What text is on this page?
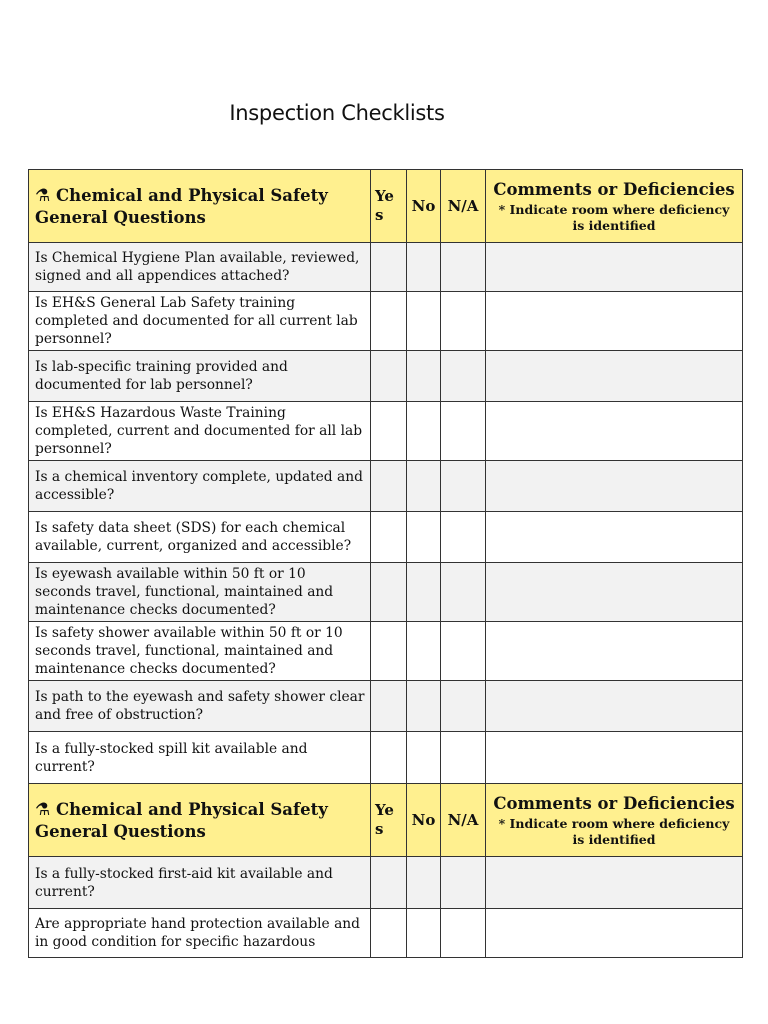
Inspection Checklists
⚗ Chemical and Physical Safety General Questions	Ye s	No	N/A	Comments or Deficiencies
* Indicate room where deficiency is identified

Is Chemical Hygiene Plan available, reviewed, signed and all appendices attached?				
Is EH&S General Lab Safety training completed and documented for all current lab personnel?				
Is lab-specific training provided and documented for lab personnel?				
Is EH&S Hazardous Waste Training completed, current and documented for all lab personnel?				
Is a chemical inventory complete, updated and accessible?				
Is safety data sheet (SDS) for each chemical available, current, organized and accessible?				
Is eyewash available within 50 ft or 10 seconds travel, functional, maintained and maintenance checks documented?				
Is safety shower available within 50 ft or 10 seconds travel, functional, maintained and maintenance checks documented?				
Is path to the eyewash and safety shower clear and free of obstruction?				
Is a fully-stocked spill kit available and current?				
⚗ Chemical and Physical Safety General Questions	Ye s	No	N/A	Comments or Deficiencies
* Indicate room where deficiency is identified

Is a fully-stocked first-aid kit available and current?				
Are appropriate hand protection available and in good condition for specific hazardous				
